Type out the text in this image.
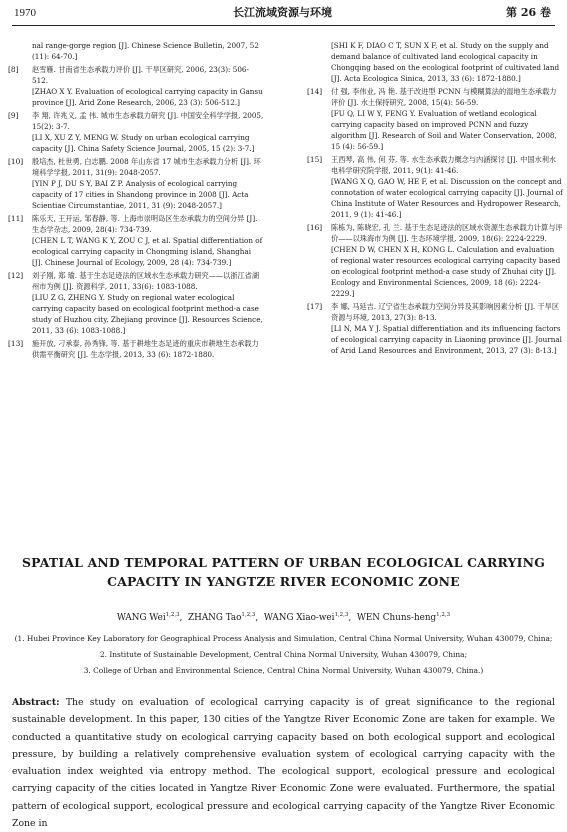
1970	长江流域资源与环境	第 26 卷
nal range-gorge region [J]. Chinese Science Bulletin, 2007, 52 (11): 64-70.]
[8] 赵雪雁. 甘南省生态承载力评价 [J]. 干旱区研究, 2006, 23(3): 506-512.
[ZHAO X Y. Evaluation of ecological carrying capacity in Gansu province [J]. Arid Zone Research, 2006, 23 (3): 506-512.]
[9] 李 翔, 许兆义, 孟 伟. 城市生态承载力研究 [J]. 中国安全科学学报, 2005, 15(2): 3-7.
[LI X, XU Z Y, MENG W. Study on urban ecological carrying capacity [J]. China Safety Science Journal, 2005, 15 (2): 3-7.]
[10] 殷培杰, 杜世勇, 白志鹏. 2008 年山东省 17 城市生态承载力分析 [J]. 环境科学学报, 2011, 31(9): 2048-2057.
[YIN P J, DU S Y, BAI Z P. Analysis of ecological carrying capacity of 17 cities in Shandong province in 2008 [J]. Acta Scientiae Circumstantiae, 2011, 31 (9): 2048-2057.]
[11] 陈乐天, 王开运, 邹春静, 等. 上海市崇明岛区生态承载力的空间分异 [J]. 生态学杂志, 2009, 28(4): 734-739.
[CHEN L T, WANG K Y, ZOU C J, et al. Spatial differentiation of ecological carrying capacity in Chongming island, Shanghai [J]. Chinese Journal of Ecology, 2009, 28 (4): 734-739.]
[12] 刘子刚, 郑 瑜. 基于生态足迹法的区域水生态承载力研究——以浙江省湖州市为例 [J]. 资源科学, 2011, 33(6): 1083-1088.
[LIU Z G, ZHENG Y. Study on regional water ecological carrying capacity based on ecological footprint method-a case study of Huzhou city, Zhejiang province [J]. Resources Science, 2011, 33 (6): 1083-1088.]
[13] 施开放, 刁承泰, 孙秀锋, 等. 基于耕地生态足迹的重庆市耕地生态承载力供需平衡研究 [J]. 生态学报, 2013, 33 (6): 1872-1880.
[SHI K F, DIAO C T, SUN X F, et al. Study on the supply and demand balance of cultivated land ecological capacity in Chongqing based on the ecological footprint of cultivated land [J]. Acta Ecologica Sinica, 2013, 33 (6): 1872-1880.]
[14] 付 强, 李伟业, 冯 艳. 基于改进型 PCNN 与模糊算法的湿地生态承载力评价 [J]. 水土保持研究, 2008, 15(4): 56-59.
[FU Q, LI W Y, FENG Y. Evaluation of wetland ecological carrying capacity based on improved PCNN and fuzzy algorithm [J]. Research of Soil and Water Conservation, 2008, 15 (4): 56-59.]
[15] 王西琴, 高 伟, 何 芬, 等. 水生态承载力概念与内涵探讨 [J]. 中国水利水电科学研究院学报, 2011, 9(1): 41-46.
[WANG X Q, GAO W, HE F, et al. Discussion on the concept and connotation of water ecological carrying capacity [J]. Journal of China Institute of Water Resources and Hydropower Research, 2011, 9 (1): 41-46.]
[16] 陈栋为, 陈晓宏, 孔 兰. 基于生态足迹法的区域水资源生态承载力计算与评价——以珠海市为例 [J]. 生态环境学报, 2009, 18(6): 2224-2229.
[CHEN D W, CHEN X H, KONG L. Calculation and evaluation of regional water resources ecological carrying capacity based on ecological footprint method-a case study of Zhuhai city [J]. Ecology and Environmental Sciences, 2009, 18 (6): 2224-2229.]
[17] 李 娜, 马延吉. 辽宁省生态承载力空间分异及其影响因素分析 [J]. 干旱区资源与环境, 2013, 27(3): 8-13.
[LI N, MA Y J. Spatial differentiation and its influencing factors of ecological carrying capacity in Liaoning province [J]. Journal of Arid Land Resources and Environment, 2013, 27 (3): 8-13.]
SPATIAL AND TEMPORAL PATTERN OF URBAN ECOLOGICAL CARRYING
CAPACITY IN YANGTZE RIVER ECONOMIC ZONE
WANG Wei$^{1,2,3}$,  ZHANG Tao$^{1,2,3}$,  WANG Xiao-wei$^{1,2,3}$,  WEN Chuns-heng$^{1,2,3}$
(1. Hubei Province Key Laboratory for Geographical Process Analysis and Simulation, Central China Normal University, Wuhan 430079, China;
2. Institute of Sustainable Development, Central China Normal University, Wuhan 430079, China;
3. College of Urban and Environmental Science, Central China Normal University, Wuhan 430079, China.)

Abstract: The study on evaluation of ecological carrying capacity is of great significance to the regional sustainable development. In this paper, 130 cities of the Yangtze River Economic Zone are taken for example. We conducted a quantitative study on ecological carrying capacity based on both ecological support and ecological pressure, by building a relatively comprehensive evaluation system of ecological carrying capacity with the evaluation index weighted via entropy method. The ecological support, ecological pressure and ecological carrying capacity of the cities located in Yangtze River Economic Zone were evaluated. Furthermore, the spatial pattern of ecological support, ecological pressure and ecological carrying capacity of the Yangtze River Economic Zone in
